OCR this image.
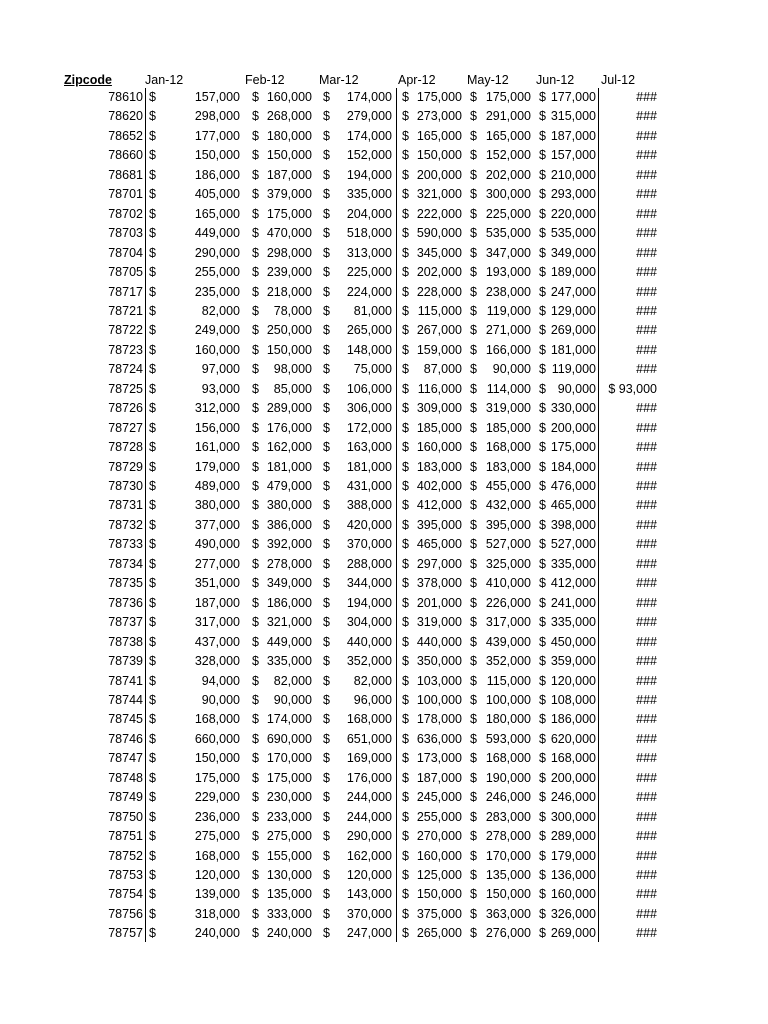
Zipcode	Jan-12	Feb-12	Mar-12	Apr-12	May-12 Jun-12 Jul-12
78610 $	157,000 $ 160,000 $	174,000 $ 175,000 $ 175,000 $ 177,000	###
78620 $	298,000 $ 268,000 $	279,000 $ 273,000 $ 291,000 $ 315,000	###
78652 $	177,000 $ 180,000 $	174,000 $ 165,000 $ 165,000 $ 187,000	###
78660 $	150,000 $ 150,000 $	152,000 $ 150,000 $ 152,000 $ 157,000	###
78681 $	186,000 $ 187,000 $	194,000 $ 200,000 $ 202,000 $ 210,000	###
78701 $	405,000 $ 379,000 $	335,000 $ 321,000 $ 300,000 $ 293,000	###
78702 $	165,000 $ 175,000 $	204,000 $ 222,000 $ 225,000 $ 220,000	###
78703 $	449,000 $ 470,000 $	518,000 $ 590,000 $ 535,000 $ 535,000	###
78704 $	290,000 $ 298,000 $	313,000 $ 345,000 $ 347,000 $ 349,000	###
78705 $	255,000 $ 239,000 $	225,000 $ 202,000 $ 193,000 $ 189,000	###
78717 $	235,000 $ 218,000 $	224,000 $ 228,000 $ 238,000 $ 247,000	###
78721 $	82,000 $	78,000 $	81,000 $ 115,000 $ 119,000 $ 129,000	###
78722 $	249,000 $ 250,000 $	265,000 $ 267,000 $ 271,000 $ 269,000	###
78723 $	160,000 $ 150,000 $	148,000 $ 159,000 $ 166,000 $ 181,000	###
78724 $	97,000 $	98,000 $	75,000 $	87,000 $	90,000 $ 119,000	###
78725 $	93,000 $	85,000 $	106,000 $ 116,000 $ 114,000 $ 90,000 $ 93,000
78726 $	312,000 $ 289,000 $	306,000 $ 309,000 $ 319,000 $ 330,000	###
78727 $	156,000 $ 176,000 $	172,000 $ 185,000 $ 185,000 $ 200,000	###
78728 $	161,000 $ 162,000 $	163,000 $ 160,000 $ 168,000 $ 175,000	###
78729 $	179,000 $ 181,000 $	181,000 $ 183,000 $ 183,000 $ 184,000	###
78730 $	489,000 $ 479,000 $	431,000 $ 402,000 $ 455,000 $ 476,000	###
78731 $	380,000 $ 380,000 $	388,000 $ 412,000 $ 432,000 $ 465,000	###
78732 $	377,000 $ 386,000 $	420,000 $ 395,000 $ 395,000 $ 398,000	###
78733 $	490,000 $ 392,000 $	370,000 $ 465,000 $ 527,000 $ 527,000	###
78734 $	277,000 $ 278,000 $	288,000 $ 297,000 $ 325,000 $ 335,000	###
78735 $	351,000 $ 349,000 $	344,000 $ 378,000 $ 410,000 $ 412,000	###
78736 $	187,000 $ 186,000 $	194,000 $ 201,000 $ 226,000 $ 241,000	###
78737 $	317,000 $ 321,000 $	304,000 $ 319,000 $ 317,000 $ 335,000	###
78738 $	437,000 $ 449,000 $	440,000 $ 440,000 $ 439,000 $ 450,000	###
78739 $	328,000 $ 335,000 $	352,000 $ 350,000 $ 352,000 $ 359,000	###
78741 $	94,000 $	82,000 $	82,000 $ 103,000 $ 115,000 $ 120,000	###
78744 $	90,000 $	90,000 $	96,000 $ 100,000 $ 100,000 $ 108,000	###
78745 $	168,000 $ 174,000 $	168,000 $ 178,000 $ 180,000 $ 186,000	###
78746 $	660,000 $ 690,000 $	651,000 $ 636,000 $ 593,000 $ 620,000	###
78747 $	150,000 $ 170,000 $	169,000 $ 173,000 $ 168,000 $ 168,000	###
78748 $	175,000 $ 175,000 $	176,000 $ 187,000 $ 190,000 $ 200,000	###
78749 $	229,000 $ 230,000 $	244,000 $ 245,000 $ 246,000 $ 246,000	###
78750 $	236,000 $ 233,000 $	244,000 $ 255,000 $ 283,000 $ 300,000	###
78751 $	275,000 $ 275,000 $	290,000 $ 270,000 $ 278,000 $ 289,000	###
78752 $	168,000 $ 155,000 $	162,000 $ 160,000 $ 170,000 $ 179,000	###
78753 $	120,000 $ 130,000 $	120,000 $ 125,000 $ 135,000 $ 136,000	###
78754 $	139,000 $ 135,000 $	143,000 $ 150,000 $ 150,000 $ 160,000	###
78756 $	318,000 $ 333,000 $	370,000 $ 375,000 $ 363,000 $ 326,000	###
78757 $	240,000 $ 240,000 $	247,000 $ 265,000 $ 276,000 $ 269,000	###
